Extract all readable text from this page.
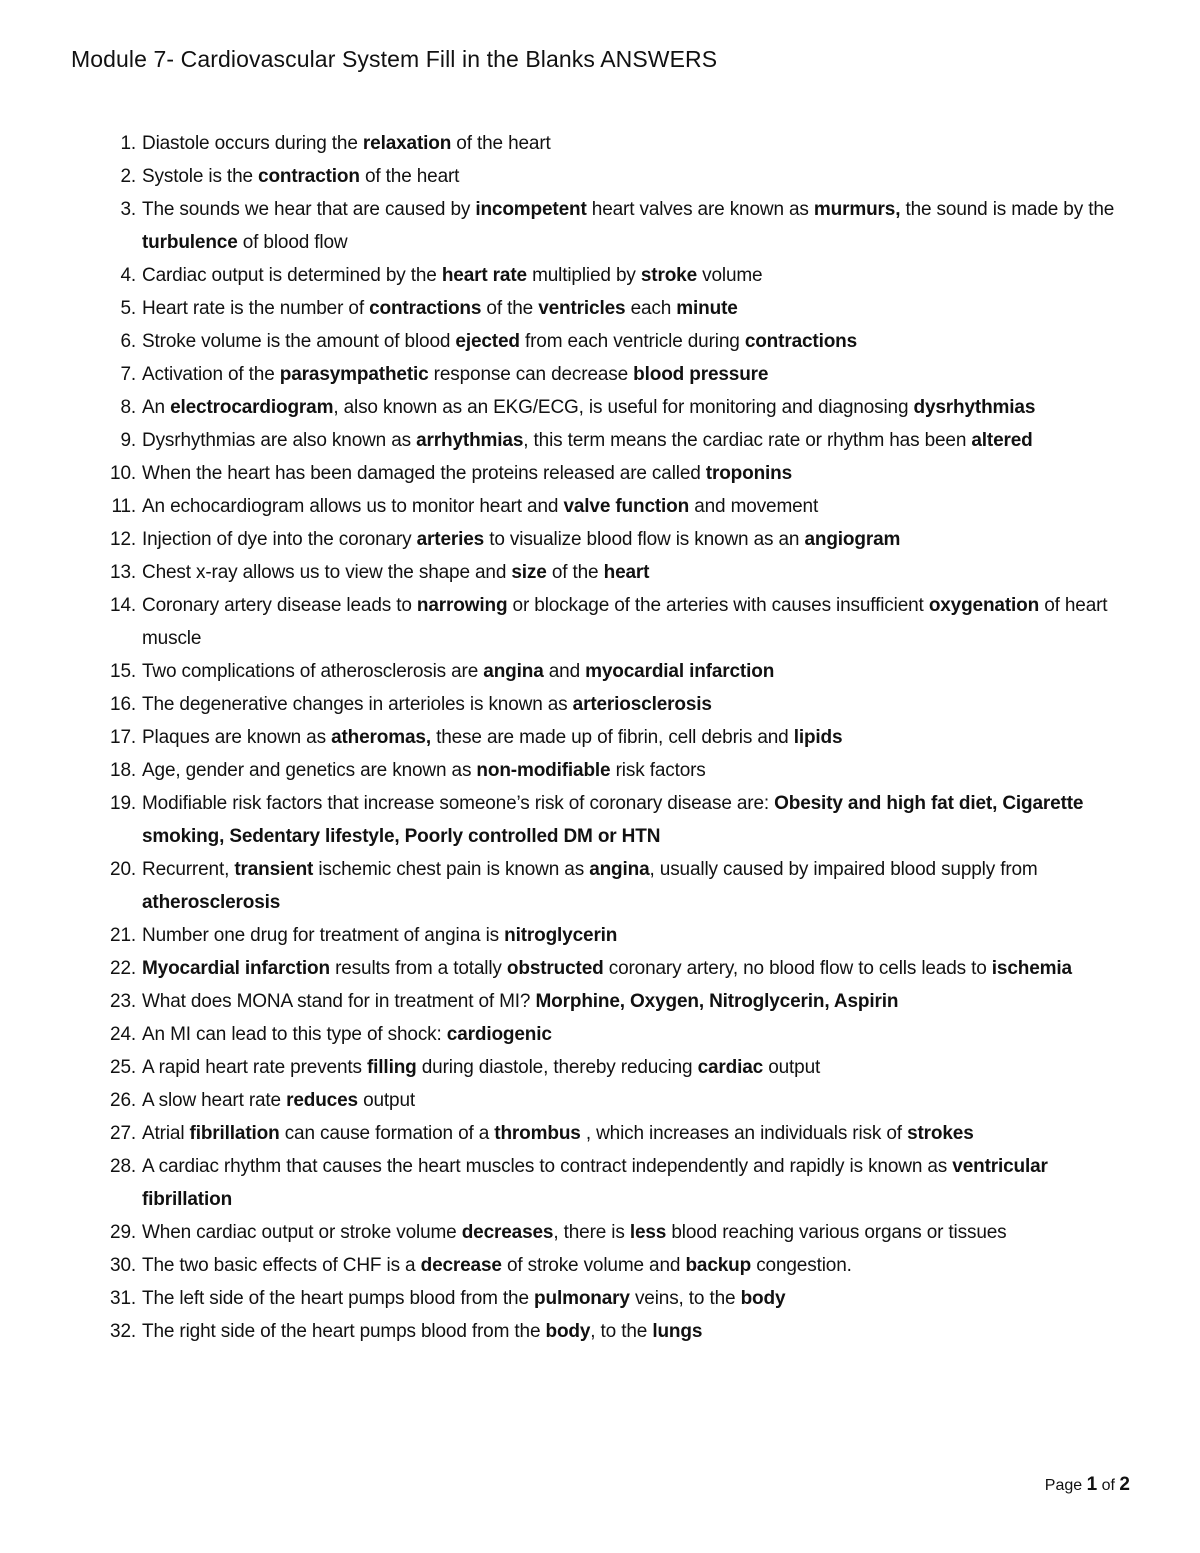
Module 7- Cardiovascular System Fill in the Blanks ANSWERS
1. Diastole occurs during the relaxation of the heart
2. Systole is the contraction of the heart
3. The sounds we hear that are caused by incompetent heart valves are known as murmurs, the sound is made by the turbulence of blood flow
4. Cardiac output is determined by the heart rate multiplied by stroke volume
5. Heart rate is the number of contractions of the ventricles each minute
6. Stroke volume is the amount of blood ejected from each ventricle during contractions
7. Activation of the parasympathetic response can decrease blood pressure
8. An electrocardiogram, also known as an EKG/ECG, is useful for monitoring and diagnosing dysrhythmias
9. Dysrhythmias are also known as arrhythmias, this term means the cardiac rate or rhythm has been altered
10. When the heart has been damaged the proteins released are called troponins
11. An echocardiogram allows us to monitor heart and valve function and movement
12. Injection of dye into the coronary arteries to visualize blood flow is known as an angiogram
13. Chest x-ray allows us to view the shape and size of the heart
14. Coronary artery disease leads to narrowing or blockage of the arteries with causes insufficient oxygenation of heart muscle
15. Two complications of atherosclerosis are angina and myocardial infarction
16. The degenerative changes in arterioles is known as arteriosclerosis
17. Plaques are known as atheromas, these are made up of fibrin, cell debris and lipids
18. Age, gender and genetics are known as non-modifiable risk factors
19. Modifiable risk factors that increase someone’s risk of coronary disease are: Obesity and high fat diet, Cigarette smoking, Sedentary lifestyle, Poorly controlled DM or HTN
20. Recurrent, transient ischemic chest pain is known as angina, usually caused by impaired blood supply from atherosclerosis
21. Number one drug for treatment of angina is nitroglycerin
22. Myocardial infarction results from a totally obstructed coronary artery, no blood flow to cells leads to ischemia
23. What does MONA stand for in treatment of MI? Morphine, Oxygen, Nitroglycerin, Aspirin
24. An MI can lead to this type of shock: cardiogenic
25. A rapid heart rate prevents filling during diastole, thereby reducing cardiac output
26. A slow heart rate reduces output
27. Atrial fibrillation can cause formation of a thrombus , which increases an individuals risk of strokes
28. A cardiac rhythm that causes the heart muscles to contract independently and rapidly is known as ventricular fibrillation
29. When cardiac output or stroke volume decreases, there is less blood reaching various organs or tissues
30. The two basic effects of CHF is a decrease of stroke volume and backup congestion.
31. The left side of the heart pumps blood from the pulmonary veins, to the body
32. The right side of the heart pumps blood from the body, to the lungs
Page 1 of 2
